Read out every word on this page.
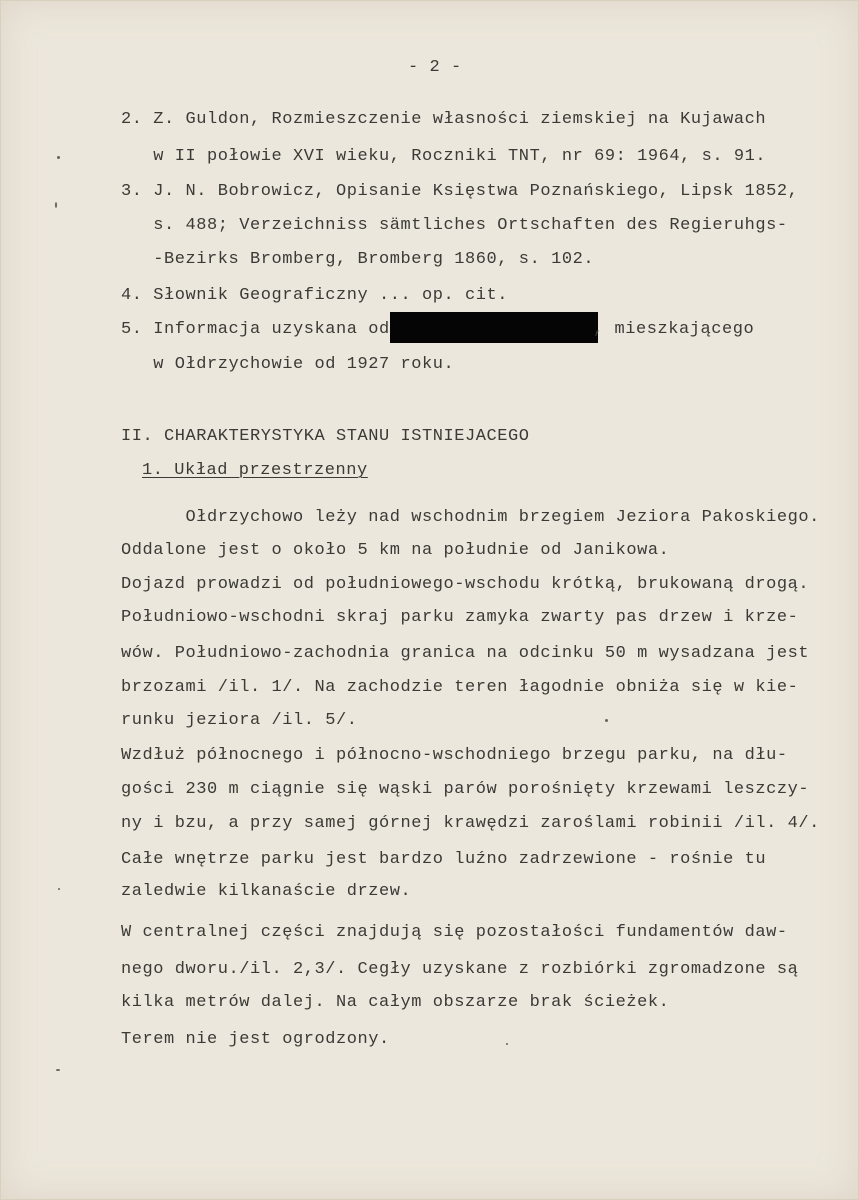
- 2 -
2. Z. Guldon, Rozmieszczenie własności ziemskiej na Kujawach
w II połowie XVI wieku, Roczniki TNT, nr 69: 1964, s. 91.
3. J. N. Bobrowicz, Opisanie Księstwa Poznańskiego, Lipsk 1852,
s. 488; Verzeichniss sämtliches Ortschaften des Regieruhgs-
-Bezirks Bromberg, Bromberg 1860, s. 102.
4. Słownik Geograficzny ... op. cit.
5. Informacja uzyskana od	, mieszkającego
w Ołdrzychowie od 1927 roku.
II. CHARAKTERYSTYKA STANU ISTNIEJACEGO
1. Układ przestrzenny
Ołdrzychowo leży nad wschodnim brzegiem Jeziora Pakoskiego.
Oddalone jest o około 5 km na południe od Janikowa.
Dojazd prowadzi od południowego-wschodu krótką, brukowaną drogą.
Południowo-wschodni skraj parku zamyka zwarty pas drzew i krze-
wów. Południowo-zachodnia granica na odcinku 50 m wysadzana jest
brzozami /il. 1/. Na zachodzie teren łagodnie obniża się w kie-
runku jeziora /il. 5/.
Wzdłuż północnego i północno-wschodniego brzegu parku, na dłu-
gości 230 m ciągnie się wąski parów porośnięty krzewami leszczy-
ny i bzu, a przy samej górnej krawędzi zaroślami robinii /il. 4/.
Całe wnętrze parku jest bardzo luźno zadrzewione - rośnie tu
zaledwie kilkanaście drzew.
W centralnej części znajdują się pozostałości fundamentów daw-
nego dworu./il. 2,3/. Cegły uzyskane z rozbiórki zgromadzone są
kilka metrów dalej. Na całym obszarze brak ścieżek.
Terem nie jest ogrodzony.
